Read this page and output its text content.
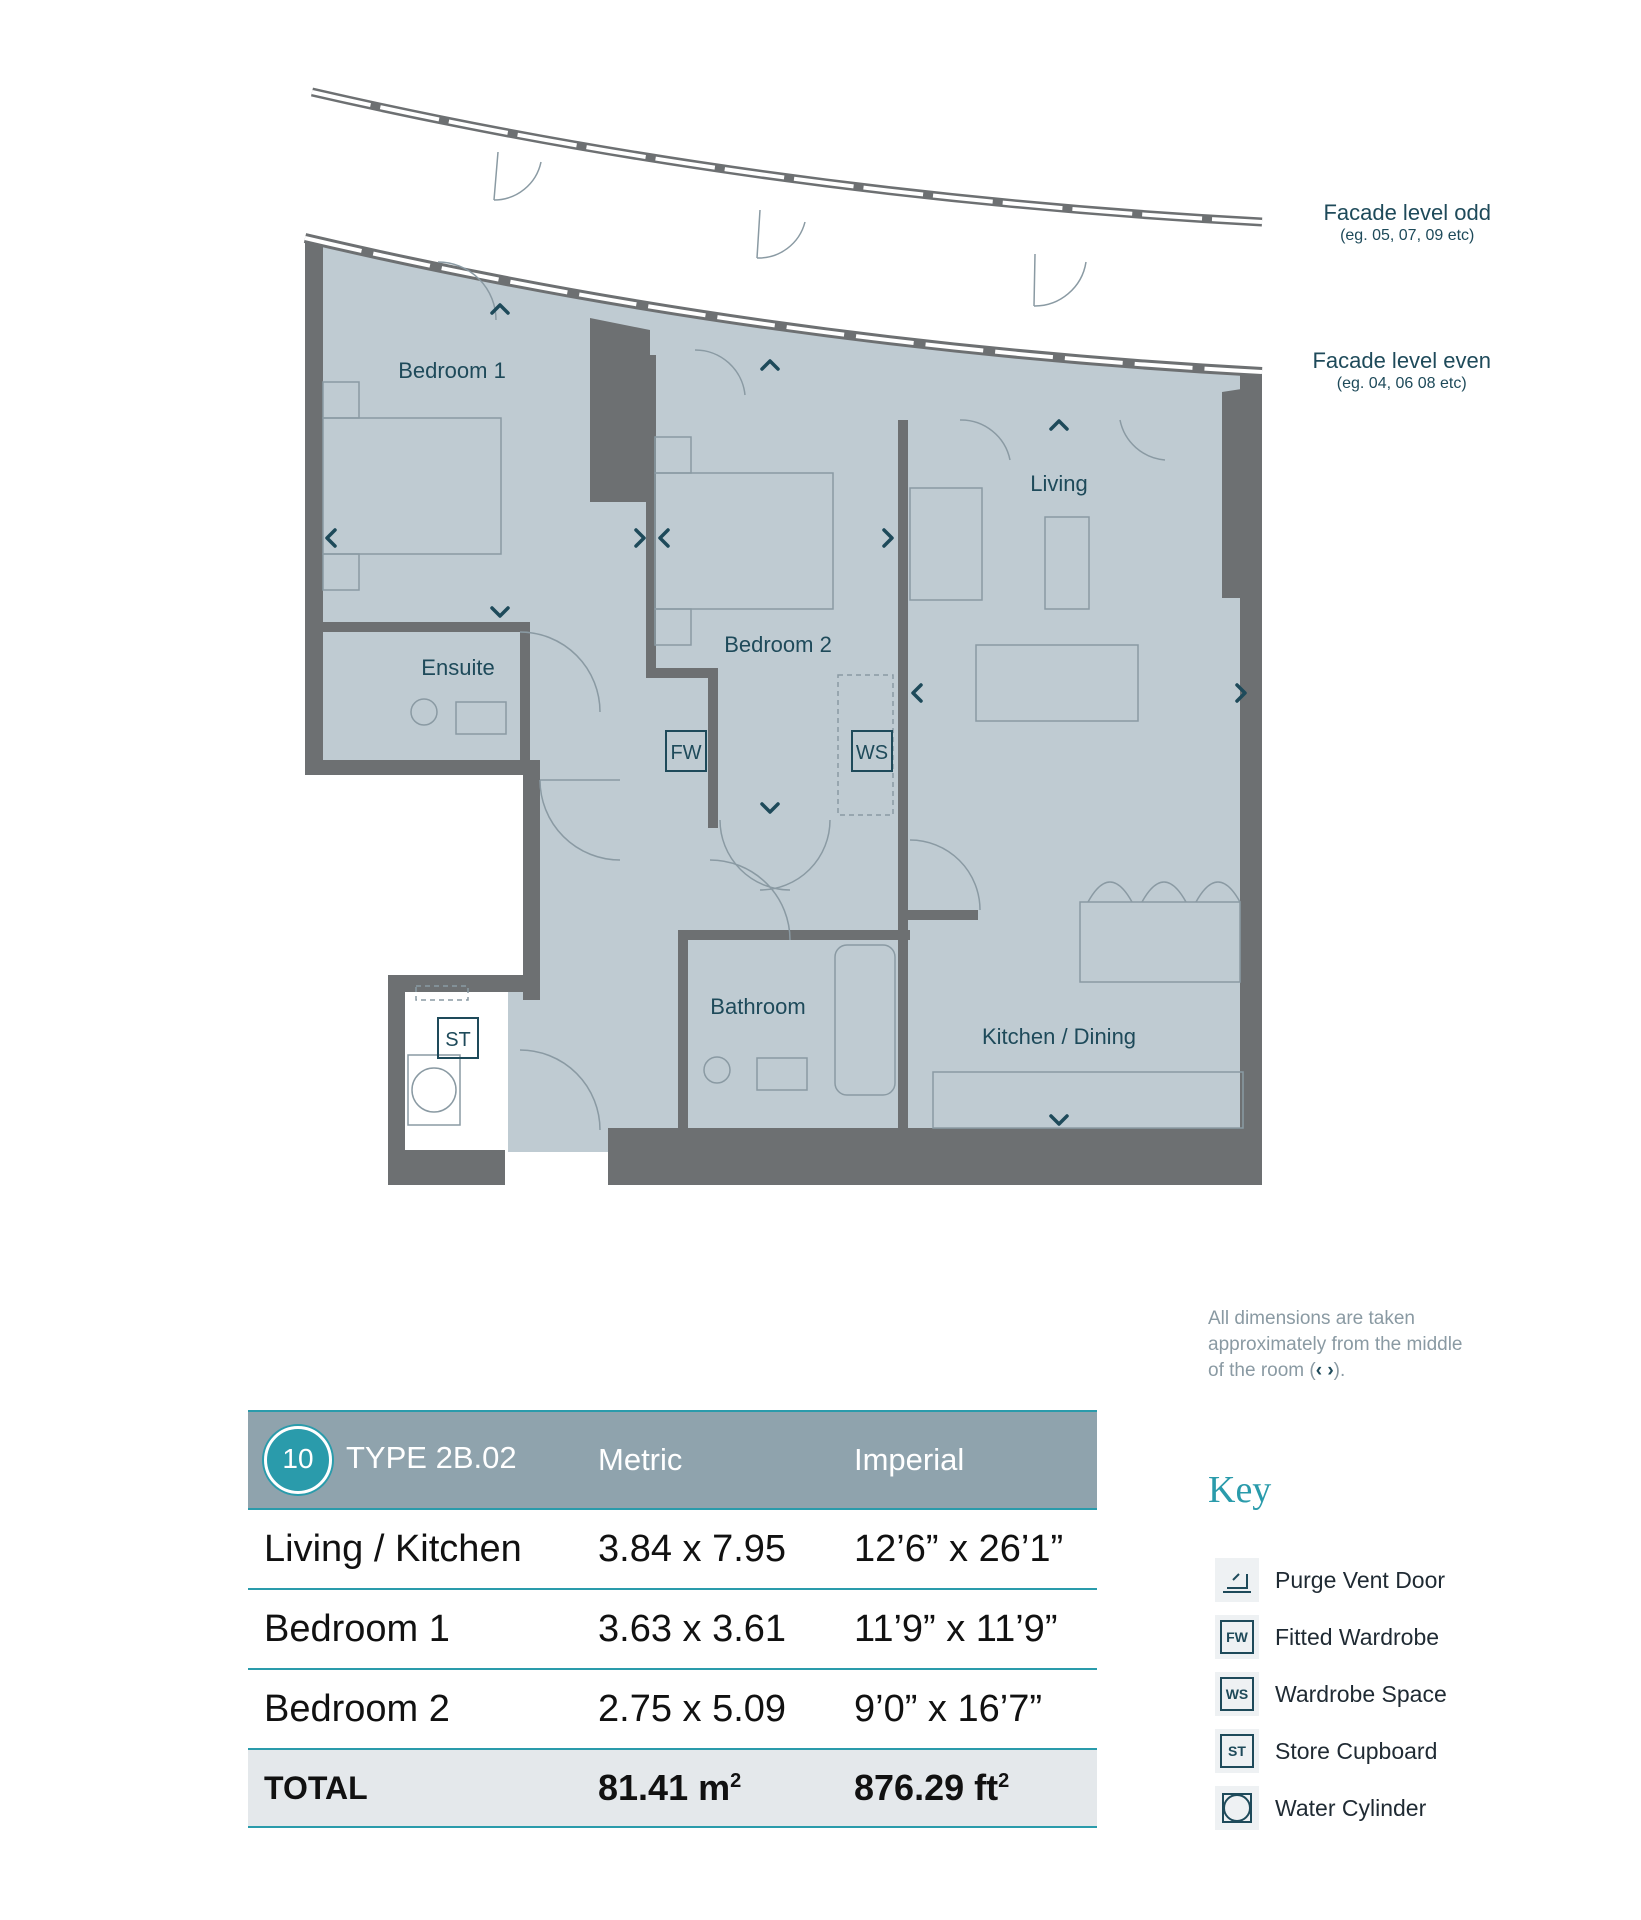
Bedroom 1
Bedroom 2
Living
Ensuite
Bathroom
Kitchen / Dining
FW	WS
ST
Facade level odd
(eg. 05, 07, 09 etc)
Facade level even
(eg. 04, 06 08 etc)
All dimensions are taken approximately from the middle of the room (‹ ›).
10 TYPE 2B.02	Metric	Imperial
Living / Kitchen	3.84 x 7.95	12’6” x 26’1”
Bedroom 1	3.63 x 3.61	11’9” x 11’9”
Bedroom 2	2.75 x 5.09	9’0” x 16’7”
TOTAL	81.41 $m^2$	876.29 $ft^2$
Key
Purge Vent Door
FW Fitted Wardrobe
WS Wardrobe Space
ST	Store Cupboard
Water Cylinder
